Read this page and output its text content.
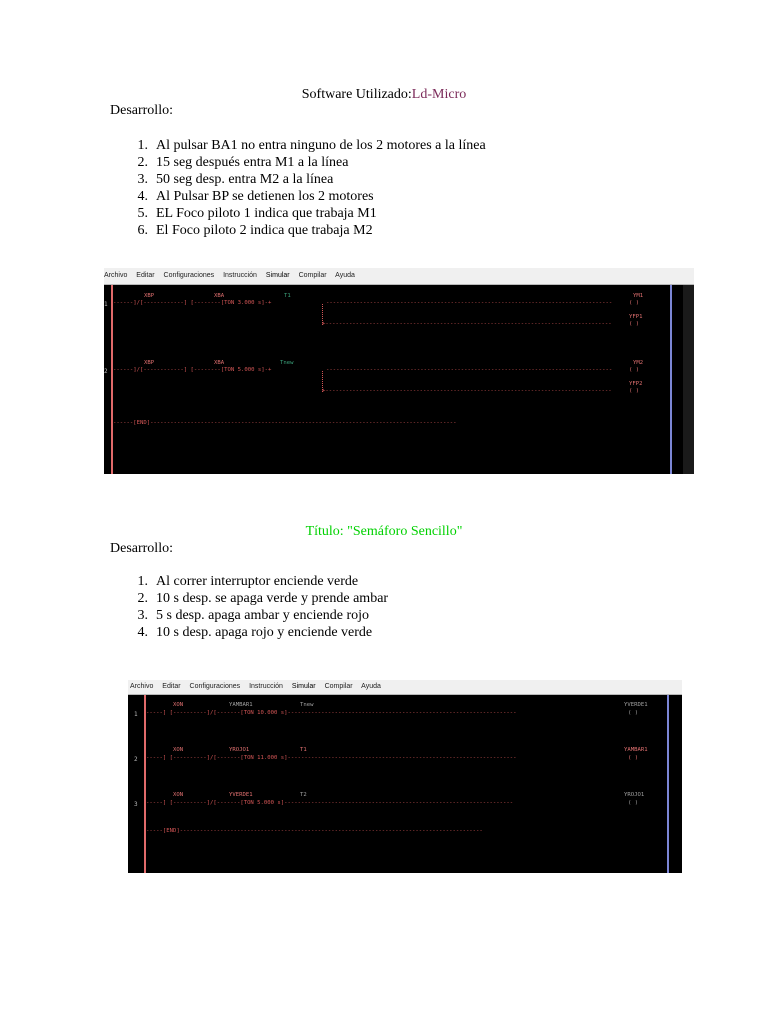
Software Utilizado:Ld-Micro
Desarrollo:
1. Al pulsar BA1 no entra ninguno de los 2 motores a la línea
2. 15 seg después entra M1 a la línea
3. 50 seg desp. entra M2 a la línea
4. Al Pulsar BP se detienen los 2 motores
5. EL Foco piloto 1 indica que trabaja M1
6. El Foco piloto 2 indica que trabaja M2
Archivo Editar Configuraciones Instrucción Simular Compilar Ayuda
1
XBP	XBA	T1	YM1
YFP1
------]/[------------] [--------[TON 3.000 s]-+	-------------------------------------------------------------------------------------	( )
+-------------------------------------------------------------------------------------	( )
2
XBP	XBA	Tnew	YM2
YFP2
------]/[------------] [--------[TON 5.000 s]-+	-------------------------------------------------------------------------------------	( )
+-------------------------------------------------------------------------------------	( )
------[END]-------------------------------------------------------------------------------------------
Título: "Semáforo Sencillo"
Desarrollo:
1. Al correr interruptor enciende verde
2. 10 s desp. se apaga verde y prende ambar
3. 5 s desp. apaga ambar y enciende rojo
4. 10 s desp. apaga rojo y enciende verde
Archivo Editar Configuraciones Instrucción Simular Compilar Ayuda
1
XON	YAMBAR1	Tnew	YVERDE1
-----] [----------]/[-------[TON 10.000 s]--------------------------------------------------------------------	( )
2
XON	YROJO1	T1	YAMBAR1
-----] [----------]/[-------[TON 11.000 s]--------------------------------------------------------------------	( )
3
XON	YVERDE1	T2	YROJO1
-----] [----------]/[-------[TON 5.000 s]--------------------------------------------------------------------	( )
-----[END]------------------------------------------------------------------------------------------
